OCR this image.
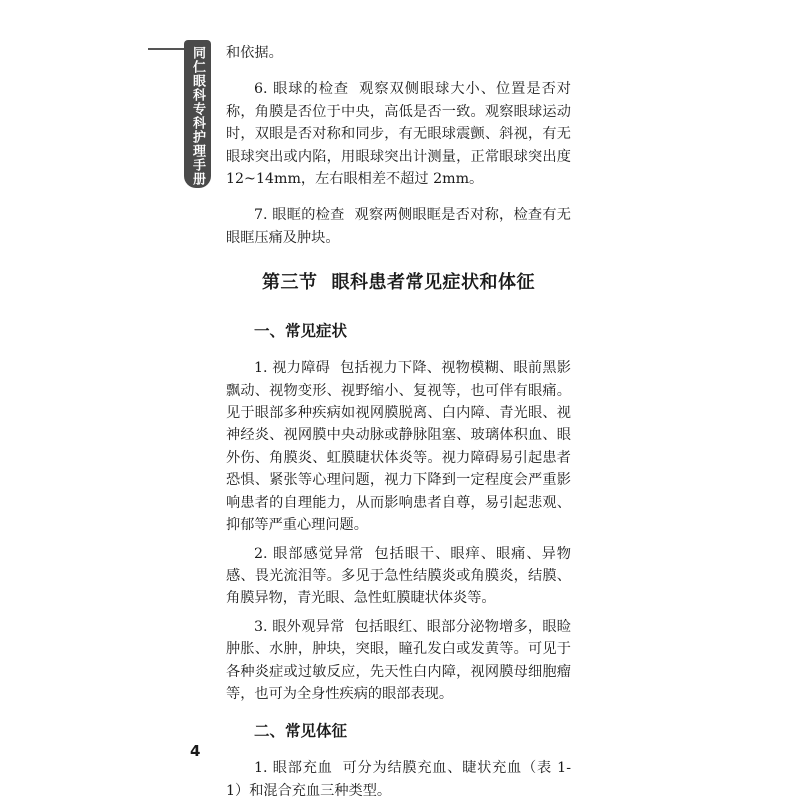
同仁眼科专科护理手册 和依据。

6. 眼球的检查 观察双侧眼球大小、位置是否对称，角膜是否位于中央，高低是否一致。观察眼球运动时，双眼是否对称和同步，有无眼球震颤、斜视，有无眼球突出或内陷，用眼球突出计测量，正常眼球突出度 12~14mm，左右眼相差不超过 2mm。

7. 眼眶的检查 观察两侧眼眶是否对称，检查有无眼眶压痛及肿块。

第三节 眼科患者常见症状和体征
一、常见症状

1. 视力障碍 包括视力下降、视物模糊、眼前黑影飘动、视物变形、视野缩小、复视等，也可伴有眼痛。见于眼部多种疾病如视网膜脱离、白内障、青光眼、视神经炎、视网膜中央动脉或静脉阻塞、玻璃体积血、眼外伤、角膜炎、虹膜睫状体炎等。视力障碍易引起患者恐惧、紧张等心理问题，视力下降到一定程度会严重影响患者的自理能力，从而影响患者自尊，易引起悲观、抑郁等严重心理问题。

2. 眼部感觉异常 包括眼干、眼痒、眼痛、异物感、畏光流泪等。多见于急性结膜炎或角膜炎，结膜、角膜异物，青光眼、急性虹膜睫状体炎等。

3. 眼外观异常 包括眼红、眼部分泌物增多，眼睑肿胀、水肿，肿块，突眼，瞳孔发白或发黄等。可见于各种炎症或过敏反应，先天性白内障，视网膜母细胞瘤等，也可为全身性疾病的眼部表现。

二、常见体征

1. 眼部充血 可分为结膜充血、睫状充血（表 1-1）和混合充血三种类型。

4
